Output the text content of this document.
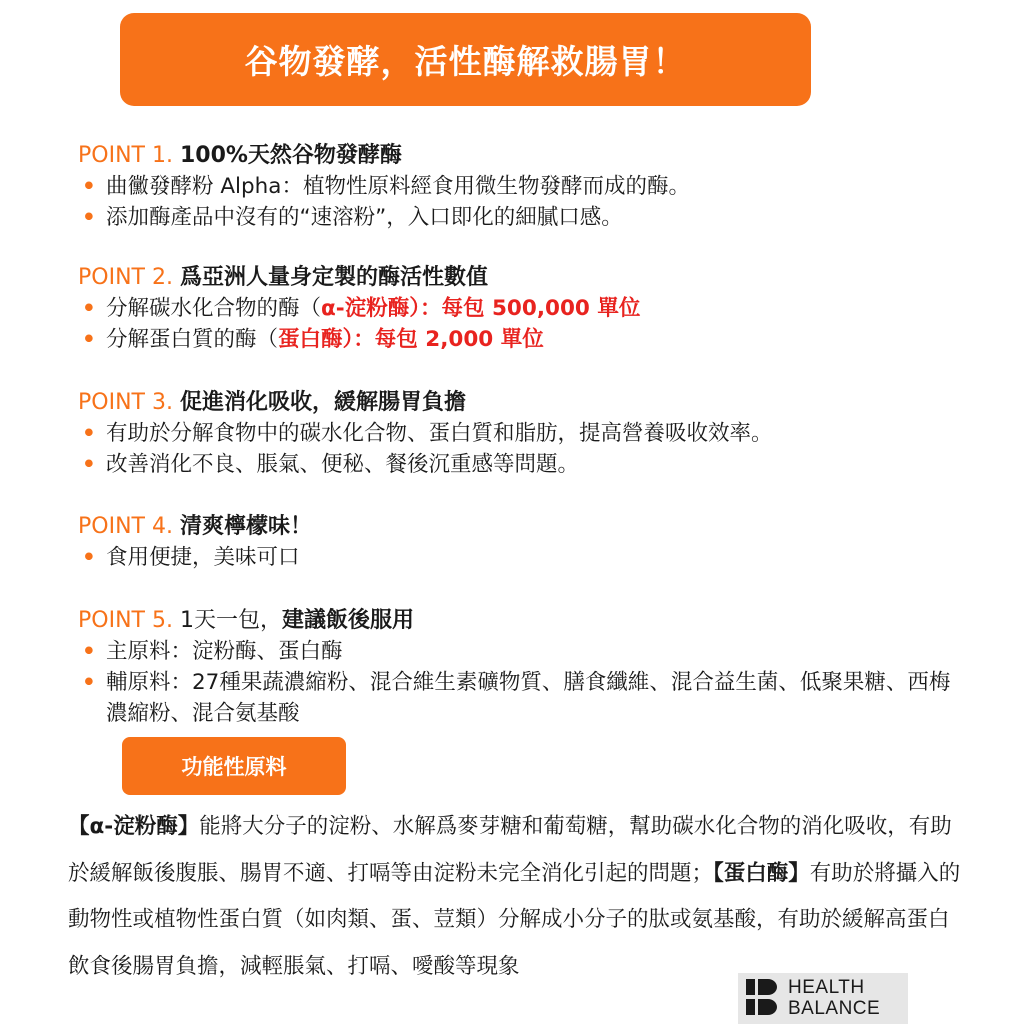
谷物發酵，活性酶解救腸胃！
POINT 1. 100%天然谷物發酵酶
• 曲黴發酵粉 Alpha：植物性原料經食用微生物發酵而成的酶。
• 添加酶產品中沒有的“速溶粉”，入口即化的細膩口感。
POINT 2. 爲亞洲人量身定製的酶活性數值
• 分解碳水化合物的酶（α-淀粉酶）：每包 500,000 單位
• 分解蛋白質的酶（蛋白酶）：每包 2,000 單位
POINT 3. 促進消化吸收，緩解腸胃負擔
• 有助於分解食物中的碳水化合物、蛋白質和脂肪，提高營養吸收效率。
• 改善消化不良、脹氣、便秘、餐後沉重感等問題。
POINT 4. 清爽檸檬味！
• 食用便捷，美味可口
POINT 5. 1天一包，建議飯後服用
• 主原料：淀粉酶、蛋白酶
• 輔原料：27種果蔬濃縮粉、混合維生素礦物質、膳食纖維、混合益生菌、低聚果糖、西梅濃縮粉、混合氨基酸
功能性原料
【α-淀粉酶】能將大分子的淀粉、水解爲麥芽糖和葡萄糖，幫助碳水化合物的消化吸收，有助於緩解飯後腹脹、腸胃不適、打嗝等由淀粉未完全消化引起的問題；【蛋白酶】有助於將攝入的動物性或植物性蛋白質（如肉類、蛋、荳類）分解成小分子的肽或氨基酸，有助於緩解高蛋白飲食後腸胃負擔，減輕脹氣、打嗝、噯酸等現象
HEALTH
BALANCE
